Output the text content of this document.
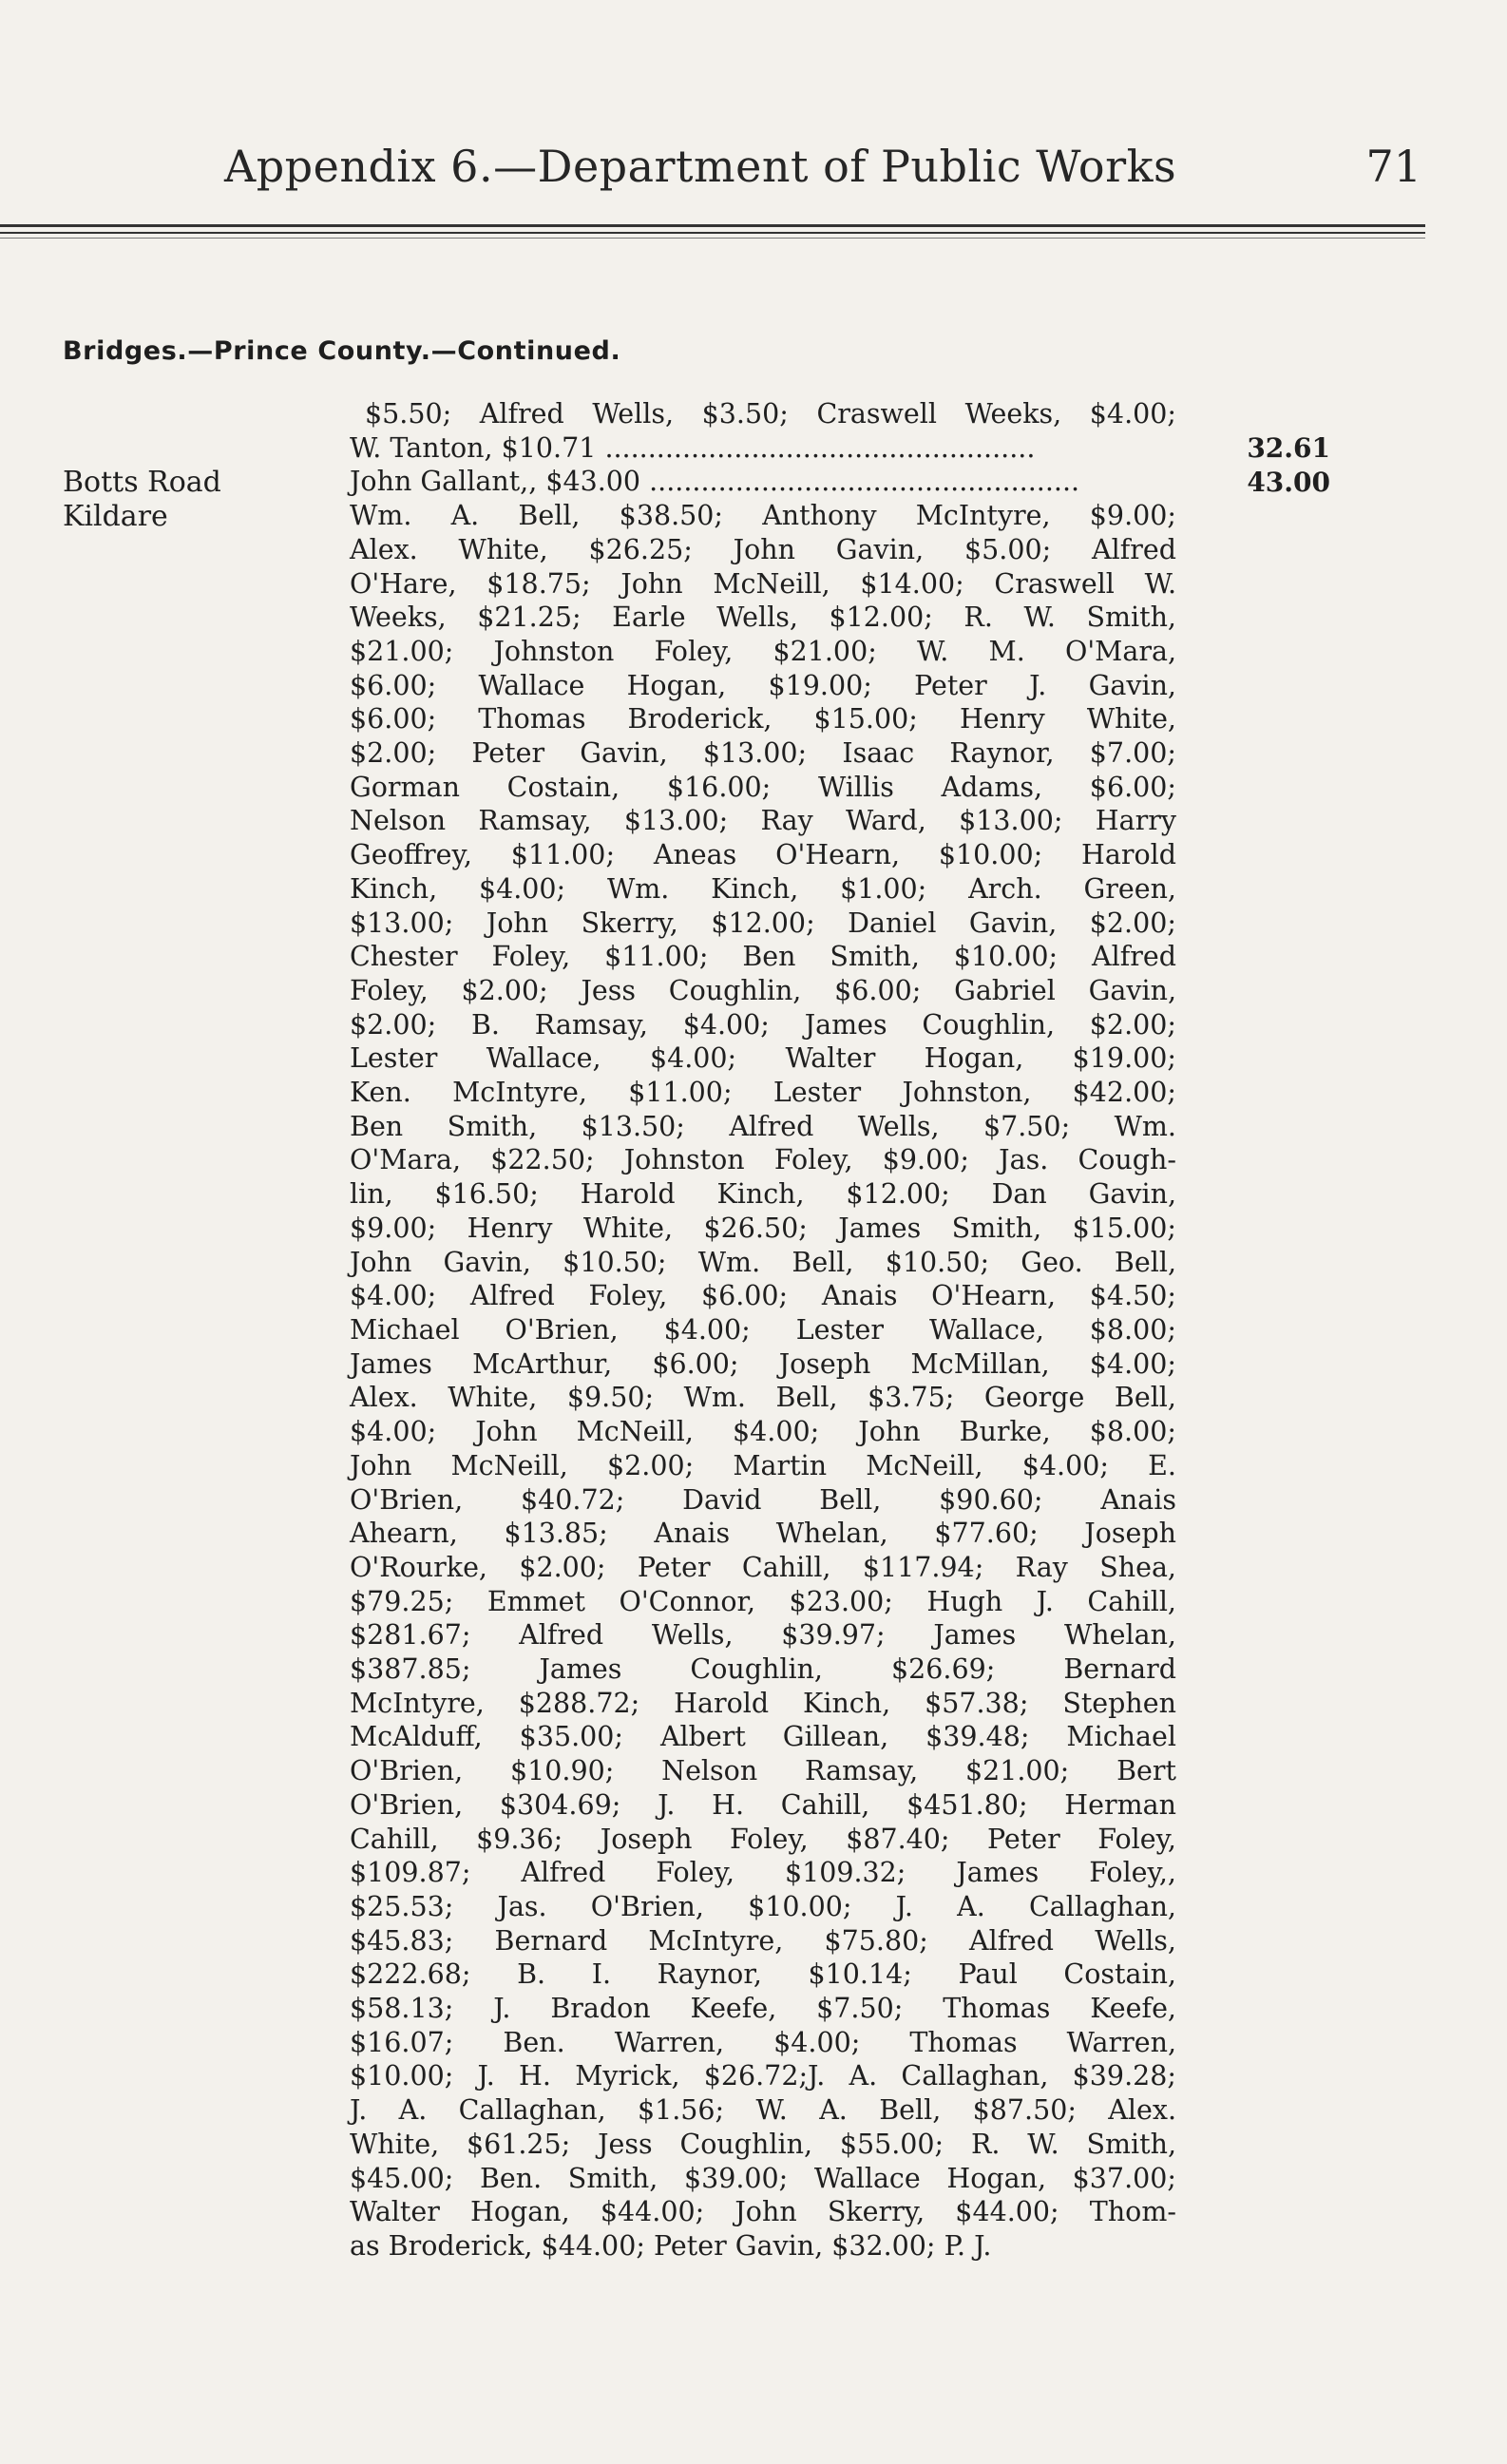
Appendix 6.—Department of Public Works	71
Bridges.—Prince County.—Continued.
Botts Road
Kildare
32.61
43.00
$5.50; Alfred Wells, $3.50; Craswell Weeks, $4.00;
W. Tanton, $10.71 ..................................................
John Gallant,, $43.00 ..................................................
Wm. A. Bell, $38.50; Anthony McIntyre, $9.00;
Alex. White, $26.25; John Gavin, $5.00; Alfred
O'Hare, $18.75; John McNeill, $14.00; Craswell W.
Weeks, $21.25; Earle Wells, $12.00; R. W. Smith,
$21.00; Johnston Foley, $21.00; W. M. O'Mara,
$6.00; Wallace Hogan, $19.00; Peter J. Gavin,
$6.00; Thomas Broderick, $15.00; Henry White,
$2.00; Peter Gavin, $13.00; Isaac Raynor, $7.00;
Gorman Costain, $16.00; Willis Adams, $6.00;
Nelson Ramsay, $13.00; Ray Ward, $13.00; Harry
Geoffrey, $11.00; Aneas O'Hearn, $10.00; Harold
Kinch, $4.00; Wm. Kinch, $1.00; Arch. Green,
$13.00; John Skerry, $12.00; Daniel Gavin, $2.00;
Chester Foley, $11.00; Ben Smith, $10.00; Alfred
Foley, $2.00; Jess Coughlin, $6.00; Gabriel Gavin,
$2.00; B. Ramsay, $4.00; James Coughlin, $2.00;
Lester Wallace, $4.00; Walter Hogan, $19.00;
Ken. McIntyre, $11.00; Lester Johnston, $42.00;
Ben Smith, $13.50; Alfred Wells, $7.50; Wm.
O'Mara, $22.50; Johnston Foley, $9.00; Jas. Cough-
lin, $16.50; Harold Kinch, $12.00; Dan Gavin,
$9.00; Henry White, $26.50; James Smith, $15.00;
John Gavin, $10.50; Wm. Bell, $10.50; Geo. Bell,
$4.00; Alfred Foley, $6.00; Anais O'Hearn, $4.50;
Michael O'Brien, $4.00; Lester Wallace, $8.00;
James McArthur, $6.00; Joseph McMillan, $4.00;
Alex. White, $9.50; Wm. Bell, $3.75; George Bell,
$4.00; John McNeill, $4.00; John Burke, $8.00;
John McNeill, $2.00; Martin McNeill, $4.00; E.
O'Brien, $40.72; David Bell, $90.60; Anais
Ahearn, $13.85; Anais Whelan, $77.60; Joseph
O'Rourke, $2.00; Peter Cahill, $117.94; Ray Shea,
$79.25; Emmet O'Connor, $23.00; Hugh J. Cahill,
$281.67; Alfred Wells, $39.97; James Whelan,
$387.85; James Coughlin, $26.69; Bernard
McIntyre, $288.72; Harold Kinch, $57.38; Stephen
McAlduff, $35.00; Albert Gillean, $39.48; Michael
O'Brien, $10.90; Nelson Ramsay, $21.00; Bert
O'Brien, $304.69; J. H. Cahill, $451.80; Herman
Cahill, $9.36; Joseph Foley, $87.40; Peter Foley,
$109.87; Alfred Foley, $109.32; James Foley,,
$25.53; Jas. O'Brien, $10.00; J. A. Callaghan,
$45.83; Bernard McIntyre, $75.80; Alfred Wells,
$222.68; B. I. Raynor, $10.14; Paul Costain,
$58.13; J. Bradon Keefe, $7.50; Thomas Keefe,
$16.07; Ben. Warren, $4.00; Thomas Warren,
$10.00; J. H. Myrick, $26.72;J. A. Callaghan, $39.28;
J. A. Callaghan, $1.56; W. A. Bell, $87.50; Alex.
White, $61.25; Jess Coughlin, $55.00; R. W. Smith,
$45.00; Ben. Smith, $39.00; Wallace Hogan, $37.00;
Walter Hogan, $44.00; John Skerry, $44.00; Thom-
as Broderick, $44.00; Peter Gavin, $32.00; P. J.
